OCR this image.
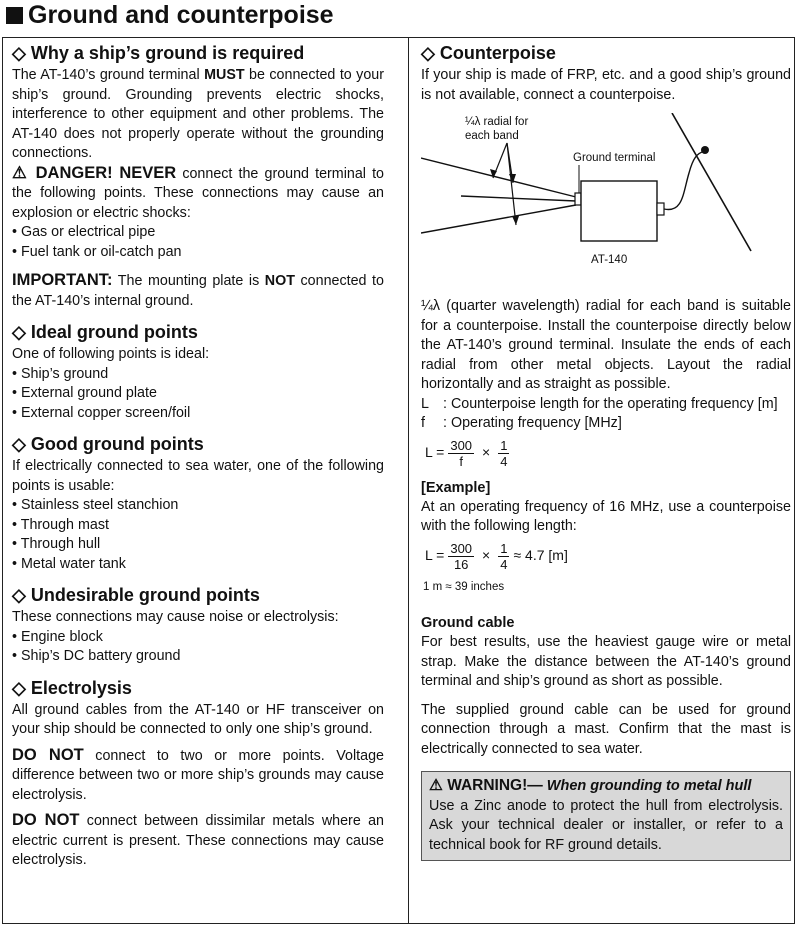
Ground and counterpoise
◇ Why a ship’s ground is required

The AT-140’s ground terminal MUST be connected to your ship’s ground. Grounding prevents electric shocks, interference to other equipment and other problems. The AT-140 does not properly operate without the grounding connections.

⚠ DANGER! NEVER connect the ground terminal to the following points. These connections may cause an explosion or electric shocks:

• Gas or electrical pipe
• Fuel tank or oil-catch pan

IMPORTANT: The mounting plate is NOT connected to the AT-140’s internal ground.

◇ Ideal ground points

One of following points is ideal:

• Ship’s ground
• External ground plate
• External copper screen/foil
◇ Good ground points

If electrically connected to sea water, one of the following points is usable:

• Stainless steel stanchion
• Through mast
• Through hull
• Metal water tank
◇ Undesirable ground points

These connections may cause noise or electrolysis:

• Engine block
• Ship’s DC battery ground
◇ Electrolysis

All ground cables from the AT-140 or HF transceiver on your ship should be connected to only one ship’s ground.

DO NOT connect to two or more points. Voltage difference between two or more ship’s grounds may cause electrolysis.

DO NOT connect between dissimilar metals where an electric current is present. These connections may cause electrolysis.

◇ Counterpoise

If your ship is made of FRP, etc. and a good ship’s ground is not available, connect a counterpoise.

¼λ radial for
each band
Ground terminal
AT-140

¼λ (quarter wavelength) radial for each band is suitable for a counterpoise. Install the counterpoise directly below the AT-140’s ground terminal. Insulate the ends of each radial from other metal objects. Layout the radial horizontally and as straight as possible.

L : Counterpoise length for the operating frequency [m]
f	: Operating frequency [MHz]
$L = \frac{300}{f} \times \frac{1}{4}$
[Example]

At an operating frequency of 16 MHz, use a counterpoise with the following length:

$L = \frac{300}{16} \times \frac{1}{4} \approx 4.7$ [m]
1 m ≈ 39 inches
Ground cable

For best results, use the heaviest gauge wire or metal strap. Make the distance between the AT-140’s ground terminal and ship’s ground as short as possible.

The supplied ground cable can be used for ground connection through a mast. Confirm that the mast is electrically connected to sea water.

⚠ WARNING!— When grounding to metal hull

Use a Zinc anode to protect the hull from electrolysis. Ask your technical dealer or installer, or refer to a technical book for RF ground details.
